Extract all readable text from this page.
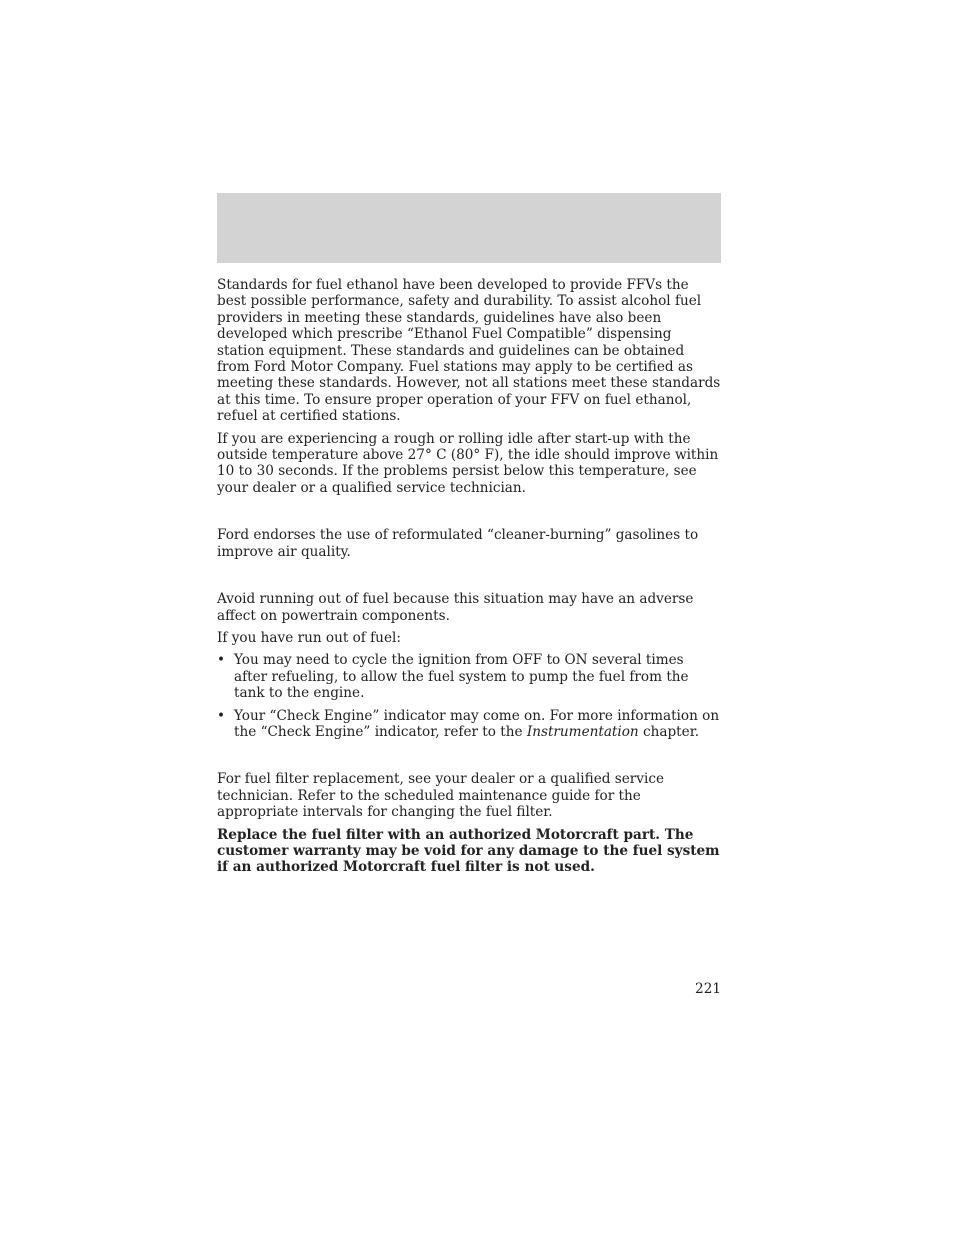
Standards for fuel ethanol have been developed to provide FFVs the best possible performance, safety and durability. To assist alcohol fuel providers in meeting these standards, guidelines have also been developed which prescribe “Ethanol Fuel Compatible” dispensing station equipment. These standards and guidelines can be obtained from Ford Motor Company. Fuel stations may apply to be certified as meeting these standards. However, not all stations meet these standards at this time. To ensure proper operation of your FFV on fuel ethanol, refuel at certified stations.

If you are experiencing a rough or rolling idle after start-up with the outside temperature above 27° C (80° F), the idle should improve within 10 to 30 seconds. If the problems persist below this temperature, see your dealer or a qualified service technician.

Ford endorses the use of reformulated “cleaner-burning” gasolines to improve air quality.

Avoid running out of fuel because this situation may have an adverse affect on powertrain components.

If you have run out of fuel:

• You may need to cycle the ignition from OFF to ON several times after refueling, to allow the fuel system to pump the fuel from the tank to the engine.
• Your “Check Engine” indicator may come on. For more information on the “Check Engine” indicator, refer to the Instrumentation chapter.

For fuel filter replacement, see your dealer or a qualified service technician. Refer to the scheduled maintenance guide for the appropriate intervals for changing the fuel filter.

Replace the fuel filter with an authorized Motorcraft part. The customer warranty may be void for any damage to the fuel system if an authorized Motorcraft fuel filter is not used.

221
